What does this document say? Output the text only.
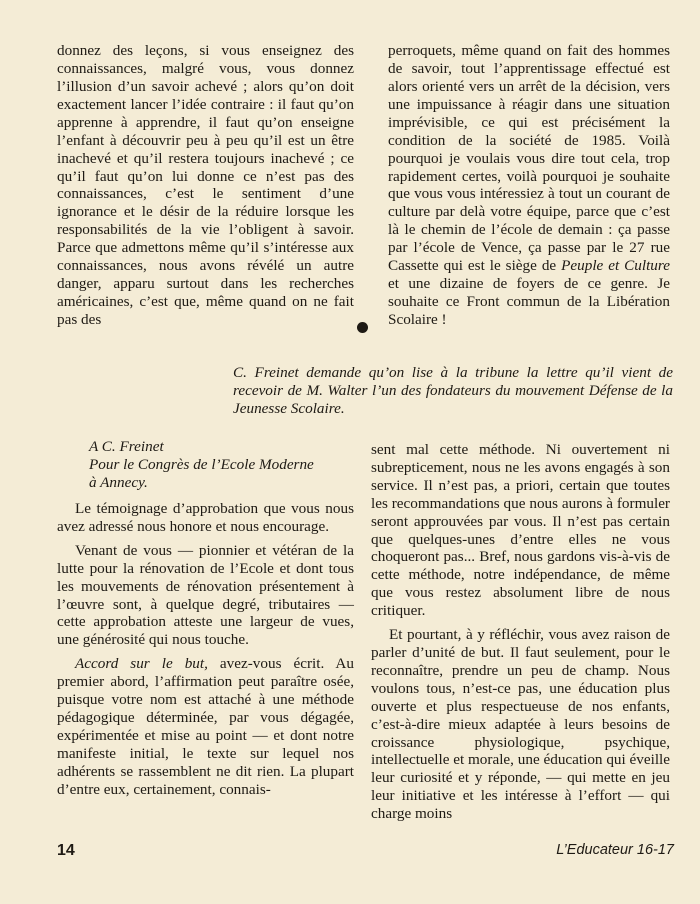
donnez des leçons, si vous enseignez des connaissances, malgré vous, vous donnez l’illusion d’un savoir achevé ; alors qu’on doit exactement lancer l’idée contraire : il faut qu’on apprenne à apprendre, il faut qu’on enseigne l’enfant à découvrir peu à peu qu’il est un être inachevé et qu’il restera toujours inachevé ; ce qu’il faut qu’on lui donne ce n’est pas des connaissances, c’est le sentiment d’une ignorance et le désir de la réduire lorsque les responsabilités de la vie l’obligent à savoir. Parce que admettons même qu’il s’intéresse aux connaissances, nous avons révélé un autre danger, apparu surtout dans les recherches américaines, c’est que, même quand on ne fait pas des

perroquets, même quand on fait des hommes de savoir, tout l’apprentissage effectué est alors orienté vers un arrêt de la décision, vers une impuissance à réagir dans une situation imprévisible, ce qui est précisément la condition de la société de 1985. Voilà pourquoi je voulais vous dire tout cela, trop rapidement certes, voilà pourquoi je souhaite que vous vous intéressiez à tout un courant de culture par delà votre équipe, parce que c’est là le chemin de l’école de demain : ça passe par l’école de Vence, ça passe par le 27 rue Cassette qui est le siège de Peuple et Culture et une dizaine de foyers de ce genre. Je souhaite ce Front commun de la Libération Scolaire !

C. Freinet demande qu’on lise à la tribune la lettre qu’il vient de recevoir de M. Walter l’un des fondateurs du mouvement Défense de la Jeunesse Scolaire.

A C. Freinet
Pour le Congrès de l’Ecole Moderne
à Annecy.

Le témoignage d’approbation que vous nous avez adressé nous honore et nous encourage.

Venant de vous — pionnier et vétéran de la lutte pour la rénovation de l’Ecole et dont tous les mouvements de rénovation présentement à l’œuvre sont, à quelque degré, tributaires — cette approbation atteste une largeur de vues, une générosité qui nous touche.

Accord sur le but, avez-vous écrit. Au premier abord, l’affirmation peut paraître osée, puisque votre nom est attaché à une méthode pédagogique déterminée, par vous dégagée, expérimentée et mise au point — et dont notre manifeste initial, le texte sur lequel nos adhérents se rassemblent ne dit rien. La plupart d’entre eux, certainement, connais-

sent mal cette méthode. Ni ouvertement ni subrepticement, nous ne les avons engagés à son service. Il n’est pas, a priori, certain que toutes les recommandations que nous aurons à formuler seront approuvées par vous. Il n’est pas certain que quelques-unes d’entre elles ne vous choqueront pas... Bref, nous gardons vis-à-vis de cette méthode, notre indépendance, de même que vous restez absolument libre de nous critiquer.

Et pourtant, à y réfléchir, vous avez raison de parler d’unité de but. Il faut seulement, pour le reconnaître, prendre un peu de champ. Nous voulons tous, n’est-ce pas, une éducation plus ouverte et plus respectueuse de nos enfants, c’est-à-dire mieux adaptée à leurs besoins de croissance physiologique, psychique, intellectuelle et morale, une éducation qui éveille leur curiosité et y réponde, — qui mette en jeu leur initiative et les intéresse à l’effort — qui charge moins

14	L’Educateur 16-17
